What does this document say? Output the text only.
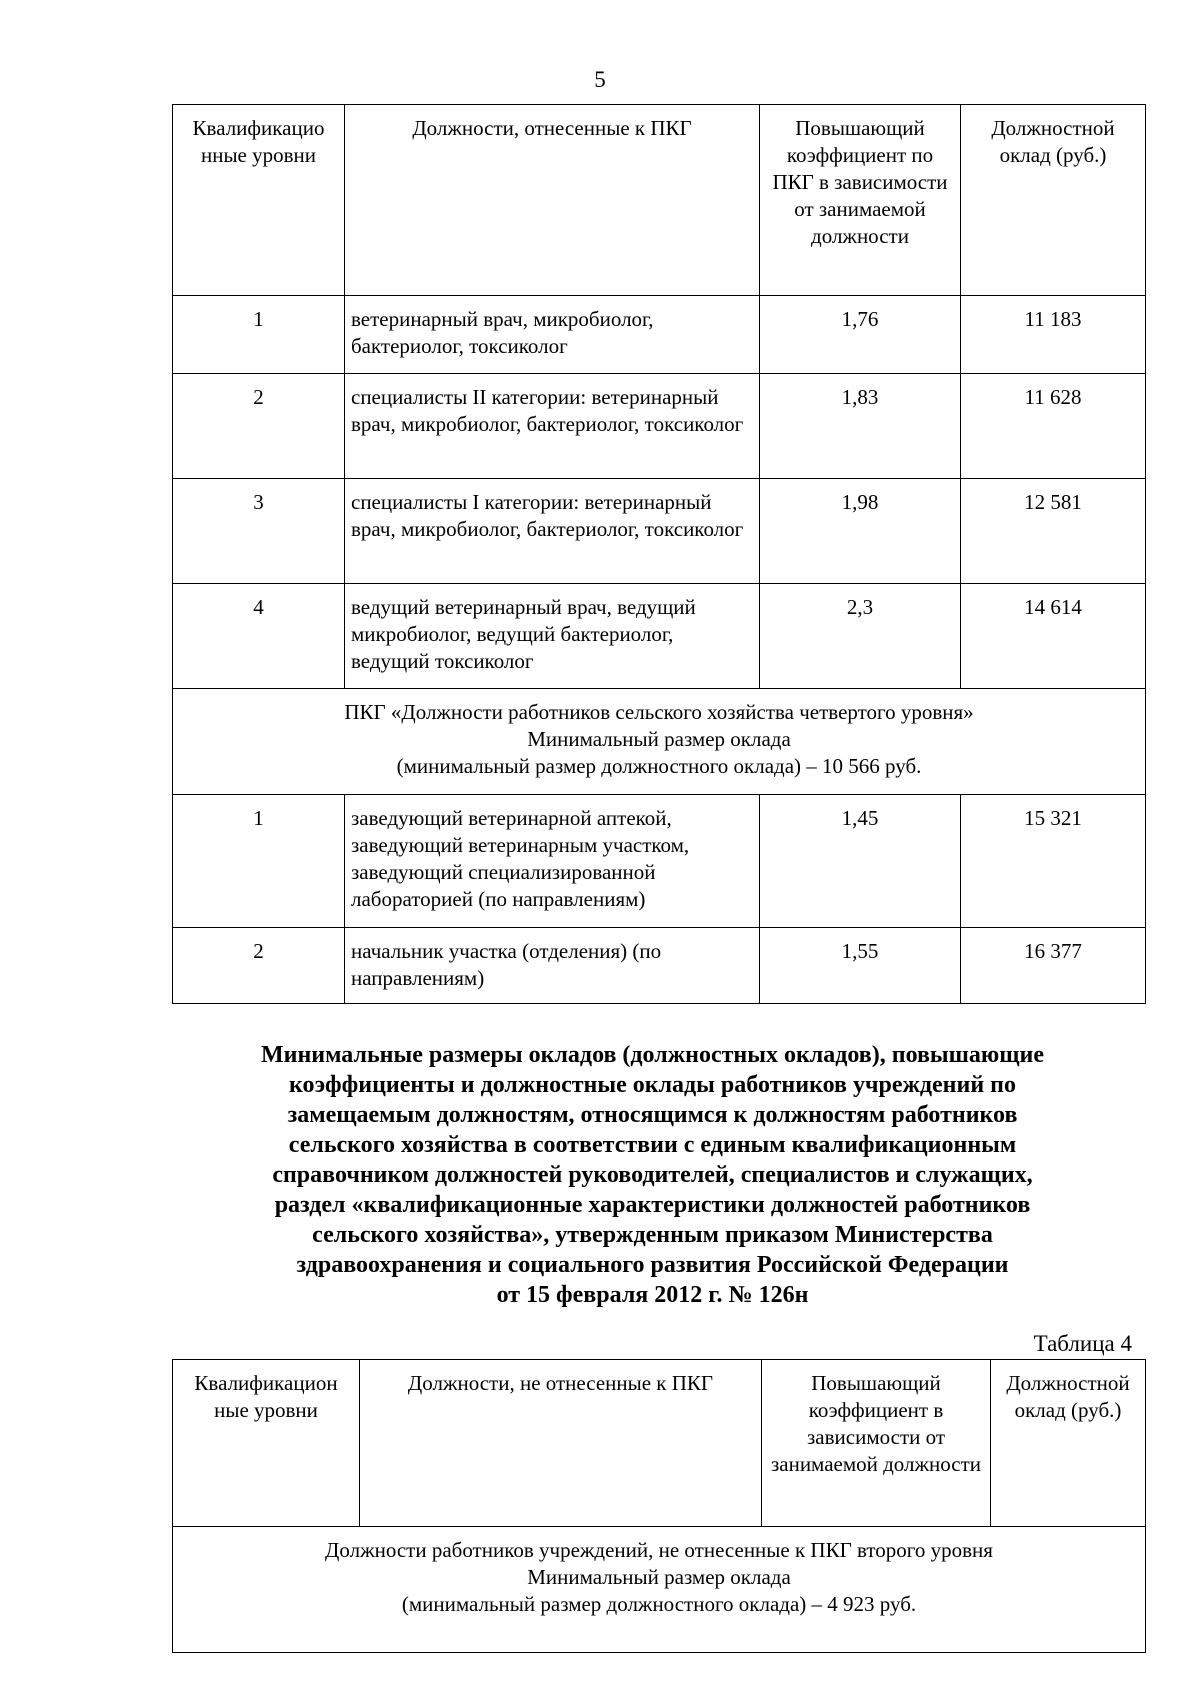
5
Квалификацио нные уровни	Должности, отнесенные к ПКГ	Повышающий коэффициент по ПКГ в зависимости от занимаемой должности	Должностной оклад (руб.)
1	ветеринарный врач, микробиолог, бактериолог, токсиколог	1,76	11 183
2	специалисты II категории: ветеринарный врач, микробиолог, бактериолог, токсиколог	1,83	11 628
3	специалисты I категории: ветеринарный врач, микробиолог, бактериолог, токсиколог	1,98	12 581
4	ведущий ветеринарный врач, ведущий микробиолог, ведущий бактериолог, ведущий токсиколог	2,3	14 614

ПКГ «Должности работников сельского хозяйства четвертого уровня»
Минимальный размер оклада
(минимальный размер должностного оклада) – 10 566 руб.			

1	заведующий ветеринарной аптекой, заведующий ветеринарным участком, заведующий специализированной лабораторией (по направлениям)	1,45	15 321
2	начальник участка (отделения) (по направлениям)	1,55	16 377
Минимальные размеры окладов (должностных окладов), повышающие
коэффициенты и должностные оклады работников учреждений по
замещаемым должностям, относящимся к должностям работников
сельского хозяйства в соответствии с единым квалификационным
справочником должностей руководителей, специалистов и служащих,
раздел «квалификационные характеристики должностей работников
сельского хозяйства», утвержденным приказом Министерства
здравоохранения и социального развития Российской Федерации
от 15 февраля 2012 г. № 126н
Таблица 4
Квалификацион ные уровни	Должности, не отнесенные к ПКГ	Повышающий коэффициент в зависимости от занимаемой должности	Должностной оклад (руб.)

Должности работников учреждений, не отнесенные к ПКГ второго уровня
Минимальный размер оклада
(минимальный размер должностного оклада) – 4 923 руб.
